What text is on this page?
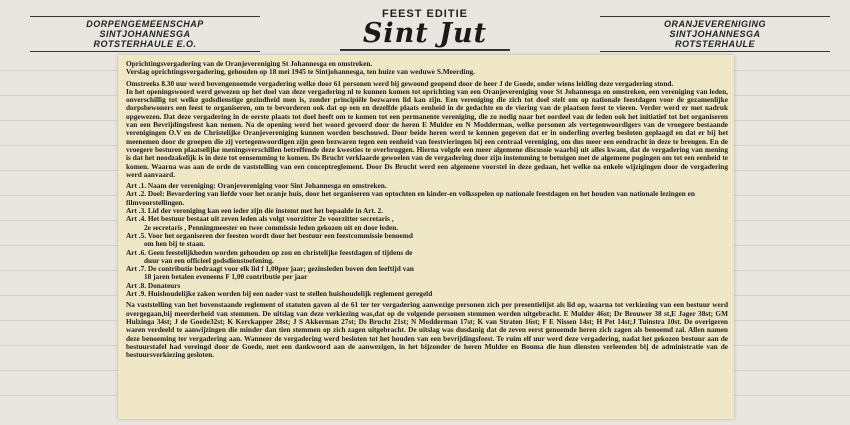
DORPENGEMEENSCHAP
SINTJOHANNESGA
ROTSTERHAULE E.O.
FEEST EDITIE
Sint Jut	ORANJEVERENIGING
SINTJOHANNESGA
ROTSTERHAULE

Oprichtingsvergadering van de Oranjevereniging St Johannesga en omstreken.

Verslag oprichtingsvergadering, gehouden op 18 mei 1945 te Sintjohannesga, ten huize van weduwe S.Meerding.

Omstreeks 8.30 uur werd bovengenoemde vergadering welke door 61 personen werd bij gewoond geopend door de heer J de Goede, onder wiens leiding deze vergadering stond.

In het openingswoord werd gewezen op het doel van deze vergadering nl te kunnen komen tot oprichting van een Oranjevereniging voor St Johannesga en omstreken, een vereniging van leden, onverschillig tot welke godsdienstige gezindheid men is, zonder principiële bezwaren lid kan zijn. Een vereniging die zich tot doel stelt om op nationale feestdagen voor de gezamenlijke dorpsbewoners een feest te organiseren, om te bevorderen ook dat op een en dezelfde plaats eenheid in de gedachte en de viering van de plaatsen feest te vieren. Verder werd er met nadruk opgewezen. Dat deze vergadering in de eerste plaats tot doel heeft om te komen tot een permanente vereniging, die zo nodig naar het oordeel van de leden ook het initiatief tot het organiseren van een Bevrijdingsfeest kan nemen. Na de opening werd het woord gevoerd door de heren E Mulder en N Modderman, welke personen als vertegenwoordigers van de vroegere bestaande verenigingen O.V en de Christelijke Oranjevereniging kunnen worden beschouwd. Door beide heren werd te kennen gegeven dat er in onderling overleg besloten geplaagd en dat er bij het meenemen door de groepen die zij vertegenwoordigen zijn geen bezwaren tegen een eenheid van feestvieringen bij een centraal vereniging, om dus meer een eendracht in deze te brengen. En de vroegere besturen plaatselijke meningsverschillen betreffende deze kwesties te overbruggen. Hierna volgde een meer algemene discussie waarbij uit alles kwam, dat de vergadering van mening is dat het noodzakelijk is in deze tot eensemming te komen. Ds Brucht verklaarde gewoelen van de vergadering door zijn instemming te betuigen met de algemene pogingen om tot een eenheid te komen. Waarna was aan de orde de vaststelling van een conceptreglement. Door Ds Brucht werd een algemene voorstel in deze gedaan, het welke na enkele wijzigingen door de vergadering werd aanvaard.

Art .1. Naam der vereniging: Oranjevereniging voor Sint Johannesga en omstreken.
Art .2. Doel: Bevordering van liefde voor het oranje huis, door het organiseren van optochten en kinder-en volksspelen op nationale feestdagen en het houden van nationale lezingen en filmvoorstellingen.
Art .3. Lid der vereniging kan een ieder zijn die instemt met het bepaalde in Art. 2.
Art .4. Het bestuur bestaat uit zeven leden als volgt voorzitter 2e voorzitter secretaris ,
2e secretaris , Penningmeester en twee commissie leden gekozen uit en door leden.
Art .5. Voor het organiseren der feesten wordt door het bestuur een feestcommissie benoemd
om hen bij te staan.
Art .6. Geen feestelijkheden worden gehouden op zon en christelijke feestdagen of tijdens de
duur van een officieel godsdienstoefening.
Art .7. De contributie bedraagt voor elk lid f 1,00per jaar; gezinsleden boven den leeftijd van
18 jaren betalen eveneens F 1,00 contributie per jaar
Art .8. Donateurs
Art .9. Huishoudelijke zaken worden bij een nader vast te stellen huishoudelijk reglement geregeld

Na vaststelling van het bovenstaande reglement of statuten gaven al de 61 ter ter vergadering aanwezige personen zich per presentielijst als lid op, waarna tot verkiezing van een bestuur werd overgegaan,bij meerderheid van stemmen. De uitslag van deze verkiezing was,dat op de volgende personen stemmen werden uitgebracht. E Mulder 46st; Dr Brouwer 38 st,E Jager 38st; GM Hulzinga 34st; J de Goede32st; K Kerckapper 28st; J S Akkerman 27st; Ds Brucht 21st; N Modderman 17st; K van Straten 16st; F E Nissen 14st; H Pet 14st;J Tuinstra 10st. De overigeren waren verdeeld te aanwijzingen die minder dan tien stemmen op zich zagen uitgebracht. De uitslag was dusdanig dat de zeven eerst genoemde heren zich zagen als benoemd zal. Allen namen deze benoeming ter vergadering aan. Wanneer de vergadering werd besloten tot het houden van een bevrijdingsfeest. Te ruim elf uur werd deze vergadering, nadat het gekozen bestuur aan de bestuurstafel had vereingd door de Goede, met een dankwoord aan de aanwezigen, in het bijzonder de heren Mulder en Bouma die hun diensten verleenden bij de administratie van de bestuursverkiezing gesloten.
